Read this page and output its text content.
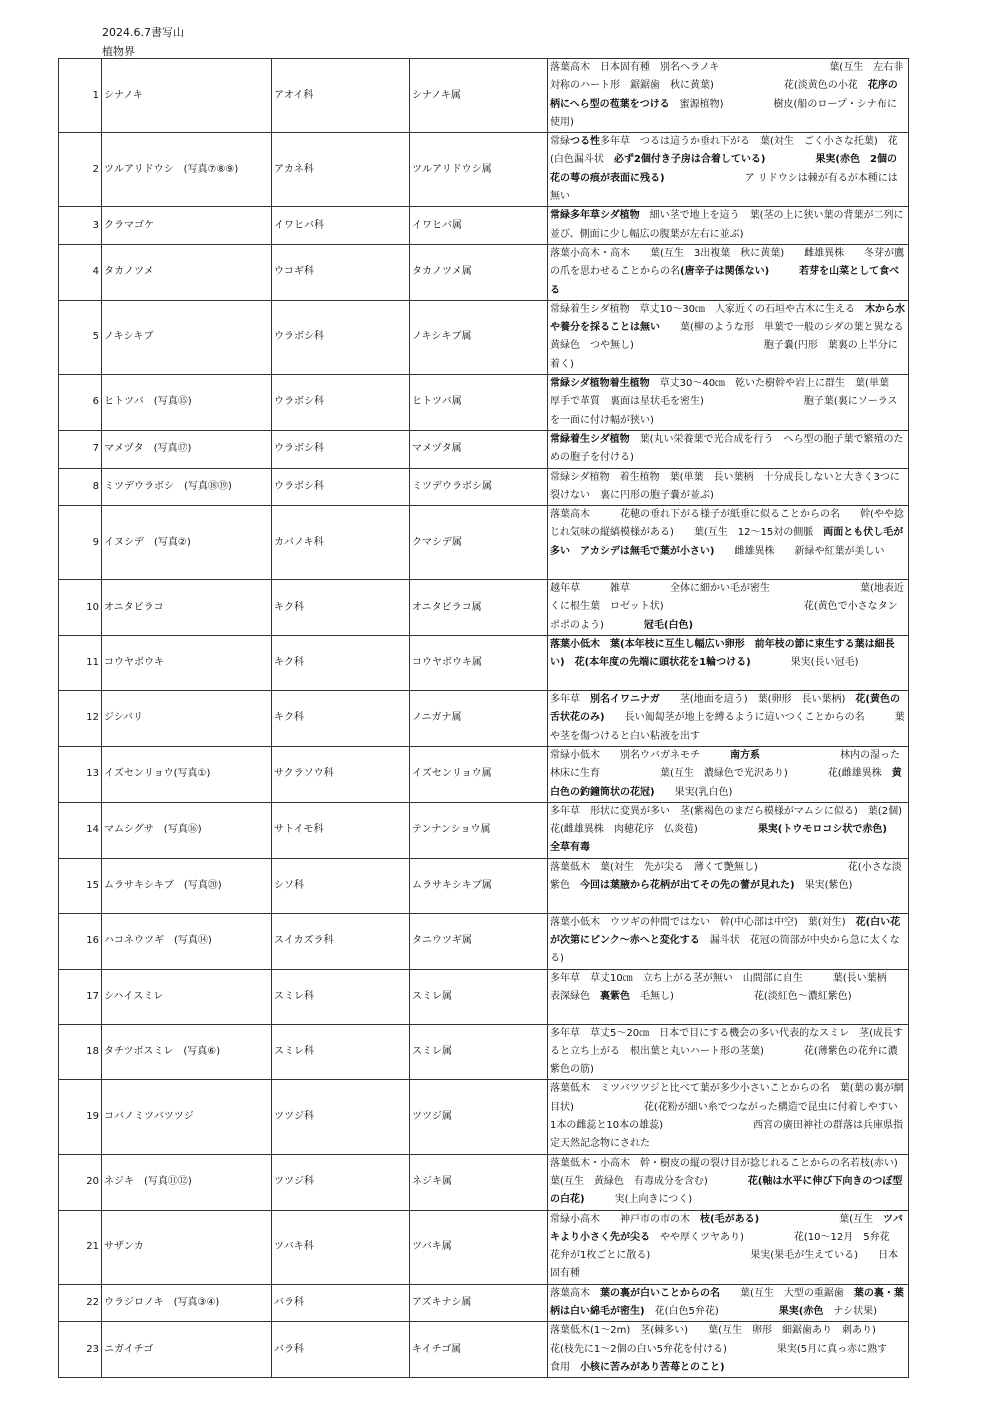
2024.6.7書写山
植物界
1	シナノキ	アオイ科	シナノキ属	落葉高木　日本固有種　別名ヘラノキ　　　　　　　　　　　葉(互生　左右非対称のハート形　鋸鋸歯　秋に黄葉)　　　　　　　花(淡黄色の小花　花序の柄にへら型の苞葉をつける　蜜源植物)　　　　　樹皮(船のロープ・シナ布に使用)
2	ツルアリドウシ　(写真⑦⑧⑨)	アカネ科	ツルアリドウシ属	常緑つる性多年草　つるは這うか垂れ下がる　葉(対生　ごく小さな托葉)　花(白色漏斗状　必ず2個付き子房は合着している)　　　　　 果実(赤色　2個の花の萼の痕が表面に残る)　　　　　　　　ア リドウシは棘が有るが本種には無い
3	クラマゴケ	イワヒバ科	イワヒバ属	常緑多年草シダ植物　細い茎で地上を這う　葉(茎の上に狭い葉の背葉が二列に並び、側面に少し幅広の腹葉が左右に並ぶ)
4	タカノツメ	ウコギ科	タカノツメ属	落葉小高木・高木　　葉(互生　3出複葉　秋に黄葉)　　雌雄異株　　冬芽が鷹の爪を思わせることからの名(唐辛子は関係ない)　　　 若芽を山菜として食べる
5	ノキシキブ	ウラボシ科	ノキシキブ属	常緑着生シダ植物　草丈10～30㎝　人家近くの石垣や古木に生える　木から水や養分を採ることは無い　　葉(柳のような形　単葉で一般のシダの葉と異なる　黄緑色　つや無し)　　　　　　　　　　　　　胞子嚢(円形　葉裏の上半分に着く)
6	ヒトツバ　(写真⑮)	ウラボシ科	ヒトツバ属	常緑シダ植物着生植物　草丈30～40㎝　乾いた樹幹や岩上に群生　葉(単葉　厚手で革質　裏面は星状毛を密生)　　　　　　　　　　胞子葉(裏にソーラスを一面に付け幅が狭い)
7	マメヅタ　(写真⑰)	ウラボシ科	マメヅタ属	常緑着生シダ植物　葉(丸い栄養葉で光合成を行う　へら型の胞子葉で繁殖のための胞子を付ける)
8	ミツデウラボシ　(写真⑱⑲)	ウラボシ科	ミツデウラボシ属	常緑シダ植物　着生植物　葉(単葉　長い葉柄　十分成長しないと大きく3つに裂けない　裏に円形の胞子嚢が並ぶ)
9	イヌシデ　(写真②)	カバノキ科	クマシデ属	落葉高木　　　花穂の垂れ下がる様子が紙垂に似ることからの名　　幹(やや捻じれ気味の縦縞模様がある)　　葉(互生　12～15対の側脈　両面とも伏し毛が多い　アカシデは無毛で葉が小さい)　　雌雄異株　　新緑や紅葉が美しい
10	オニタビラコ	キク科	オニタビラコ属	越年草　　　雑草　　　　全体に細かい毛が密生　　　　　　　　　葉(地表近くに根生葉　ロゼット状)　　　　　　　　　　　　　　花(黄色で小さなタンポポのよう)　　　　冠毛(白色)
11	コウヤボウキ	キク科	コウヤボウキ属	落葉小低木　葉(本年枝に互生し幅広い卵形　前年枝の節に束生する葉は細長い)　花(本年度の先端に頭状花を1輪つける)　　　　果実(長い冠毛)
12	ジシバリ	キク科	ノニガナ属	多年草　別名イワニナガ　　茎(地面を這う)　葉(卵形　長い葉柄)　花(黄色の舌状花のみ)　　長い匍匐茎が地上を縛るように這いつくことからの名　　　葉や茎を傷つけると白い粘液を出す
13	イズセンリョウ(写真①)	サクラソウ科	イズセンリョウ属	常緑小低木　　別名ウバガネモチ　　　南方系　　　　　　　　林内の湿った林床に生育　　　　　　葉(互生　濃緑色で光沢あり)　　　　花(雌雄異株　黄白色の釣鐘筒状の花冠)　　果実(乳白色)
14	マムシグサ　(写真⑯)	サトイモ科	テンナンショウ属	多年草　形状に変異が多い　茎(紫褐色のまだら模様がマムシに似る)　葉(2個)　　　　　花(雌雄異株　肉穂花序　仏炎苞)　　　　　　果実(トウモロコシ状で赤色)　　　　　　全草有毒
15	ムラサキシキブ　(写真⑳)	シソ科	ムラサキシキブ属	落葉低木　葉(対生　先が尖る　薄くて艶無し)　　　　　　　　　花(小さな淡紫色　今回は葉腋から花柄が出てその先の蕾が見れた)　果実(紫色)
16	ハコネウツギ　(写真⑭)	スイカズラ科	タニウツギ属	落葉小低木　ウツギの仲間ではない　幹(中心部は中空)　葉(対生)　花(白い花が次第にピンク～赤へと変化する　漏斗状　花冠の筒部が中央から急に太くなる)
17	シハイスミレ	スミレ科	スミレ属	多年草　草丈10㎝　立ち上がる茎が無い　山間部に自生　　　葉(長い葉柄　表深緑色　裏紫色　毛無し)　　　　　　　　花(淡紅色～濃紅紫色)
18	タチツボスミレ　(写真⑥)	スミレ科	スミレ属	多年草　草丈5～20㎝　日本で目にする機会の多い代表的なスミレ　茎(成長すると立ち上がる　根出葉と丸いハート形の茎葉)　　　　花(薄紫色の花弁に濃紫色の筋)
19	コバノミツバツツジ	ツツジ科	ツツジ属	落葉低木　ミツバツツジと比べて葉が多少小さいことからの名　葉(葉の裏が網目状)　　　　　　　花(花粉が細い糸でつながった構造で昆虫に付着しやすい　1本の雌蕊と10本の雄蕊)　　　　　　　　　西宮の廣田神社の群落は兵庫県指定天然記念物にされた
20	ネジキ　(写真⑪⑫)	ツツジ科	ネジキ属	落葉低木・小高木　幹・樹皮の縦の裂け目が捻じれることからの名若枝(赤い)　　　葉(互生　黄緑色　有毒成分を含む)　　　　花(軸は水平に伸び下向きのつぼ型の白花)　　　実(上向きにつく)
21	サザンカ	ツバキ科	ツバキ属	常緑小高木　　神戸市の市の木　枝(毛がある)　　　　　　　　葉(互生　ツバキより小さく先が尖る　やや厚くツヤあり)　　　　　花(10～12月　5弁花　花弁が1枚ごとに散る)　　　　　　　　　　果実(果毛が生えている)　　日本固有種
22	ウラジロノキ　(写真③④)	バラ科	アズキナシ属	落葉高木　葉の裏が白いことからの名　　葉(互生　大型の重鋸歯　葉の裏・葉柄は白い綿毛が密生)　花(白色5弁花)　　　　　　果実(赤色　ナシ状果)
23	ニガイチゴ	バラ科	キイチゴ属	落葉低木(1～2m)　茎(棘多い)　　葉(互生　卵形　細鋸歯あり　刺あり)　　　　　　花(枝先に1～2個の白い5弁花を付ける)　　　　　果実(5月に真っ赤に熟す　食用　小核に苦みがあり苦苺とのこと)
